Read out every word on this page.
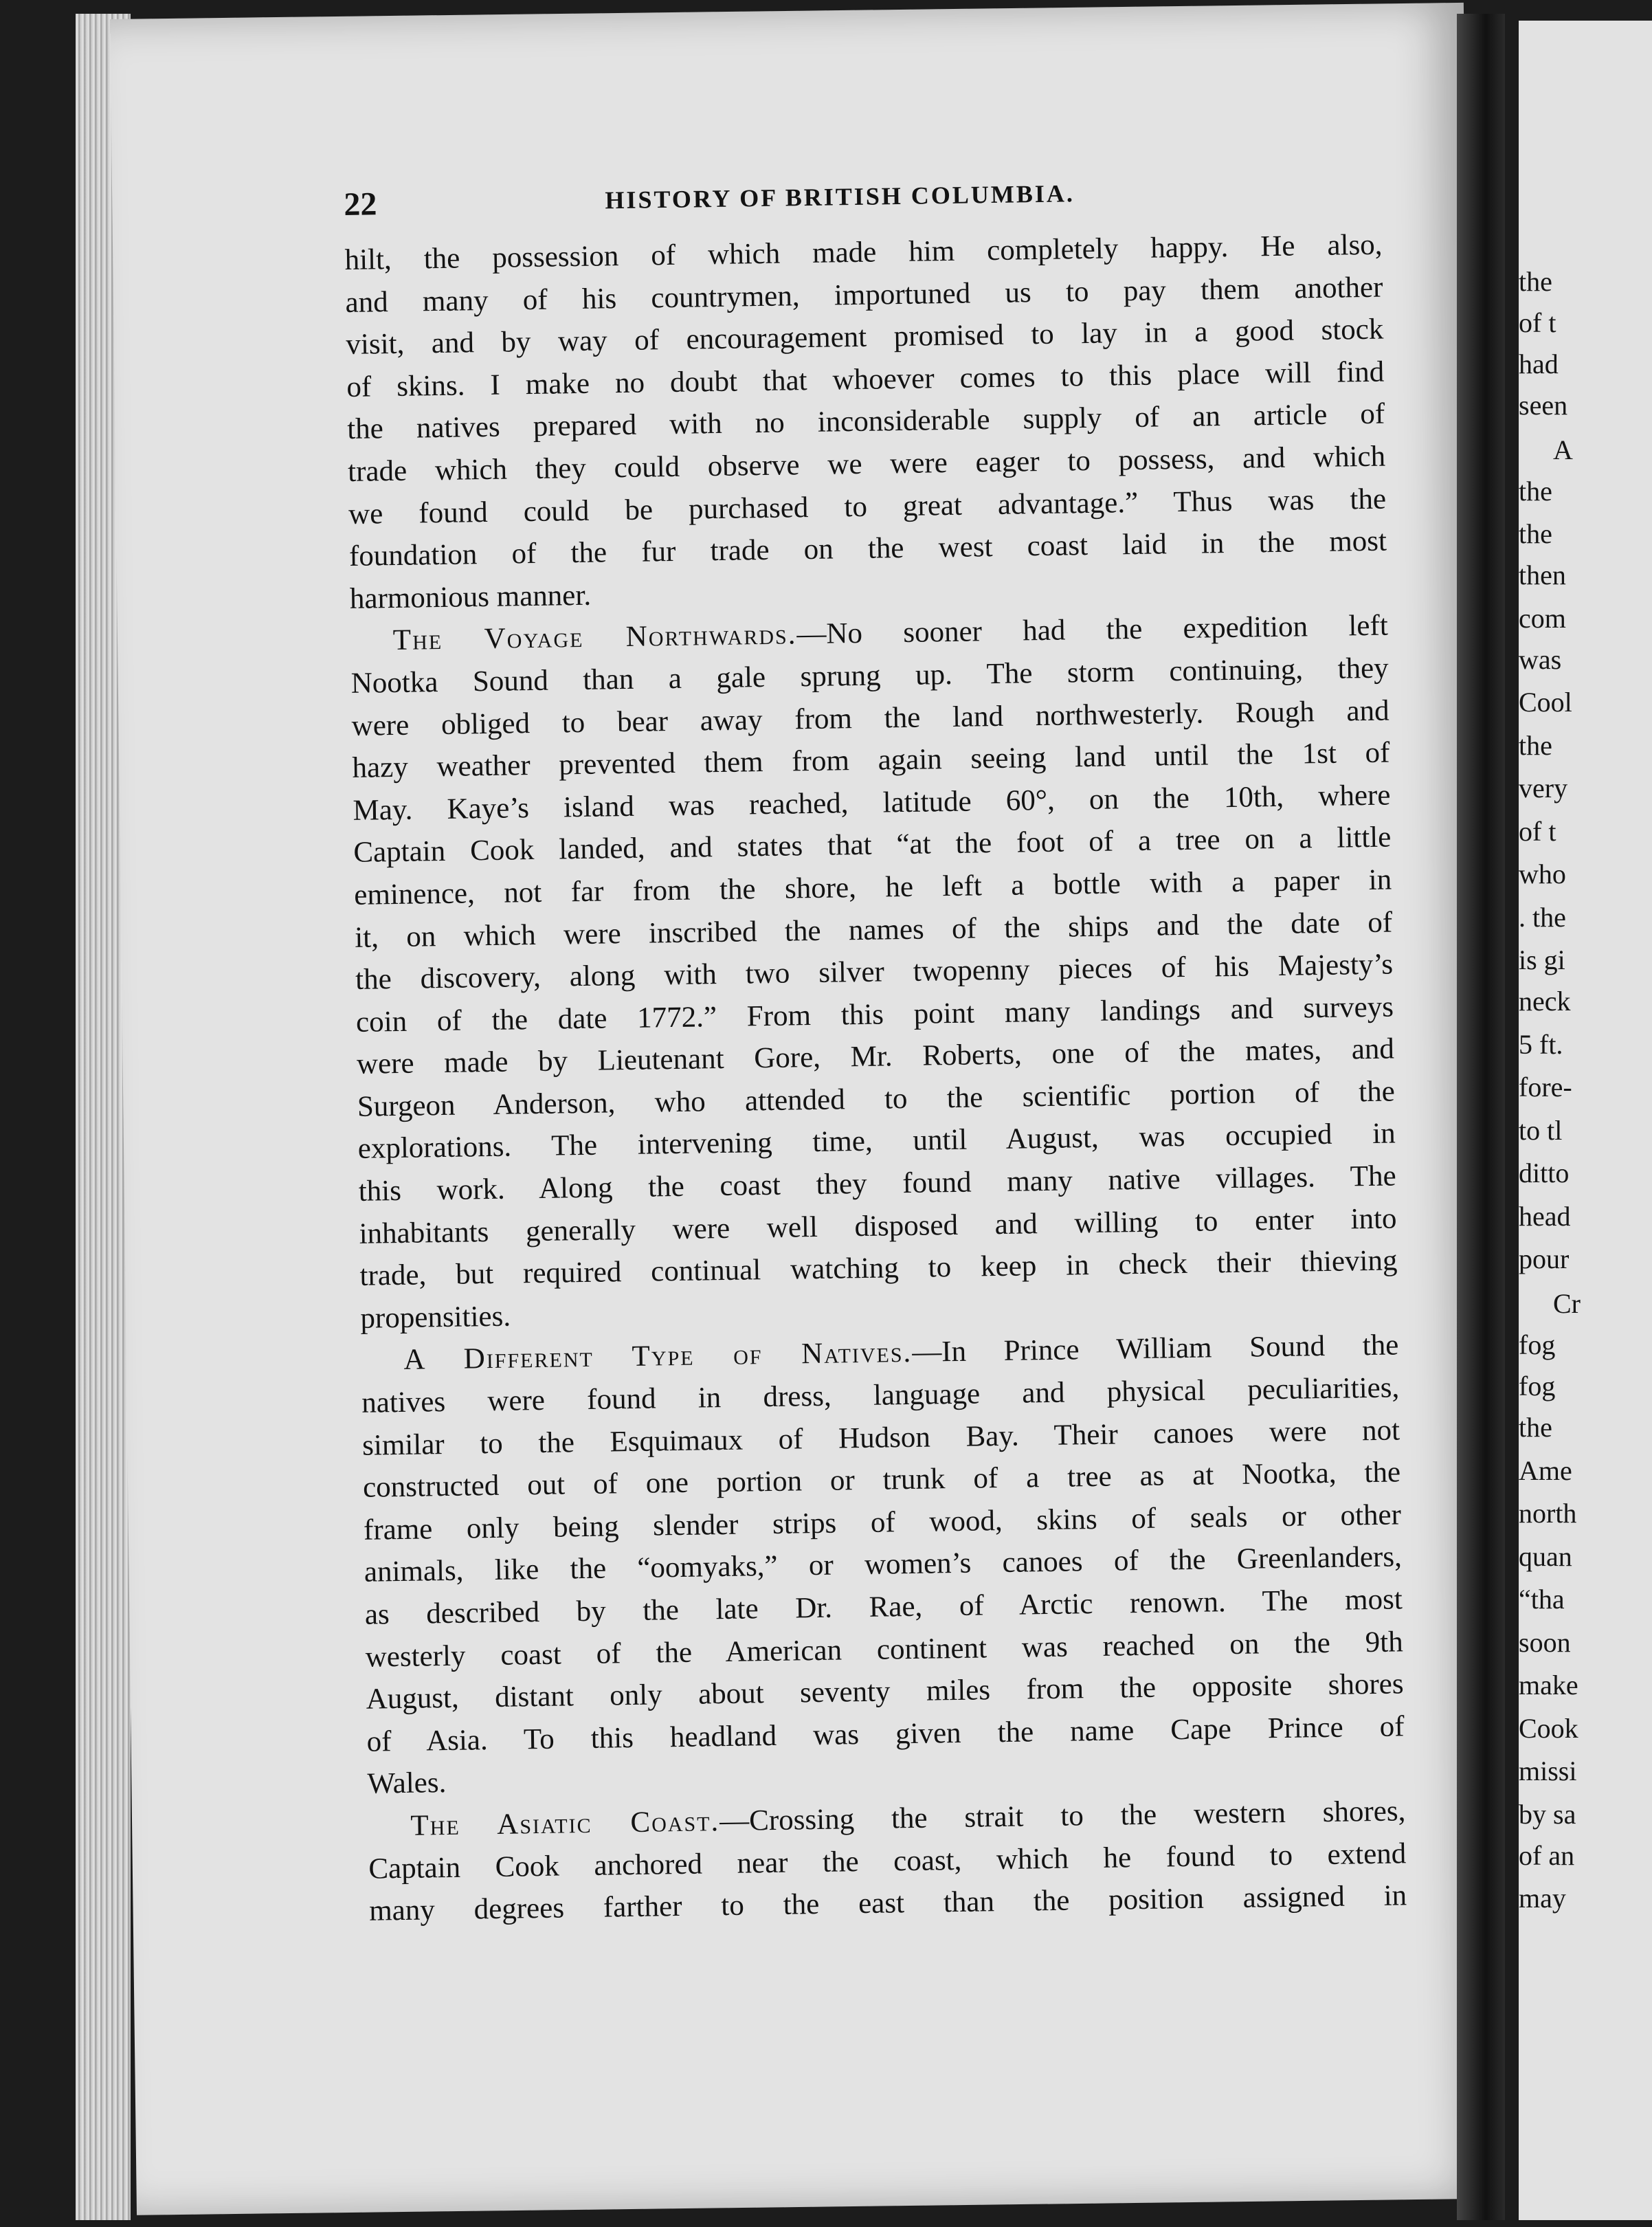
22	HISTORY OF BRITISH COLUMBIA.
hilt, the possession of which made him completely happy. He also,
and many of his countrymen, importuned us to pay them another
visit, and by way of encouragement promised to lay in a good stock
of skins. I make no doubt that whoever comes to this place will find
the natives prepared with no inconsiderable supply of an article of
trade which they could observe we were eager to possess, and which
we found could be purchased to great advantage.” Thus was the
foundation of the fur trade on the west coast laid in the most
harmonious manner.
The Voyage Northwards.—No sooner had the expedition left
Nootka Sound than a gale sprung up. The storm continuing, they
were obliged to bear away from the land northwesterly. Rough and
hazy weather prevented them from again seeing land until the 1st of
May. Kaye’s island was reached, latitude 60°, on the 10th, where
Captain Cook landed, and states that “at the foot of a tree on a little
eminence, not far from the shore, he left a bottle with a paper in
it, on which were inscribed the names of the ships and the date of
the discovery, along with two silver twopenny pieces of his Majesty’s
coin of the date 1772.” From this point many landings and surveys
were made by Lieutenant Gore, Mr. Roberts, one of the mates, and
Surgeon Anderson, who attended to the scientific portion of the
explorations. The intervening time, until August, was occupied in
this work. Along the coast they found many native villages. The
inhabitants generally were well disposed and willing to enter into
trade, but required continual watching to keep in check their thieving
propensities.
A Different Type of Natives.—In Prince William Sound the
natives were found in dress, language and physical peculiarities,
similar to the Esquimaux of Hudson Bay. Their canoes were not
constructed out of one portion or trunk of a tree as at Nootka, the
frame only being slender strips of wood, skins of seals or other
animals, like the “oomyaks,” or women’s canoes of the Greenlanders,
as described by the late Dr. Rae, of Arctic renown. The most
westerly coast of the American continent was reached on the 9th
August, distant only about seventy miles from the opposite shores
of Asia. To this headland was given the name Cape Prince of
Wales.
The Asiatic Coast.—Crossing the strait to the western shores,
Captain Cook anchored near the coast, which he found to extend
many degrees farther to the east than the position assigned in
the
of t
had
seen
A
the
the
then
com
was
Cool
the
very
of t
who
. the
is gi
neck
5 ft.
fore-
to tl
ditto
head
pour
Cr
fog
fog
the
Ame
north
quan
“tha
soon
make
Cook
missi
by sa
of an
may
